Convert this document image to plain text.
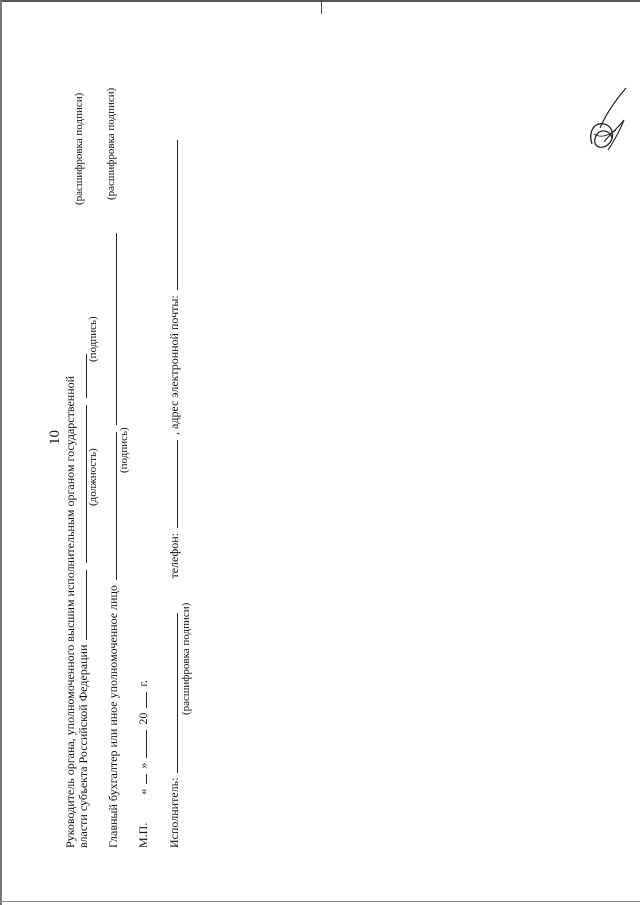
10 Руководитель органа, уполномоченного высшим исполнительным органом государственной власти субъекта Российской Федерации
(должность)
(подпись)
(расшифровка подписи)
Главный бухгалтер или иное уполномоченное лицо
(подпись)
(расшифровка подписи)
М.П.  «  »  20  г.
Исполнитель:   телефон:  , адрес электронной почты:
(расшифровка подписи)
